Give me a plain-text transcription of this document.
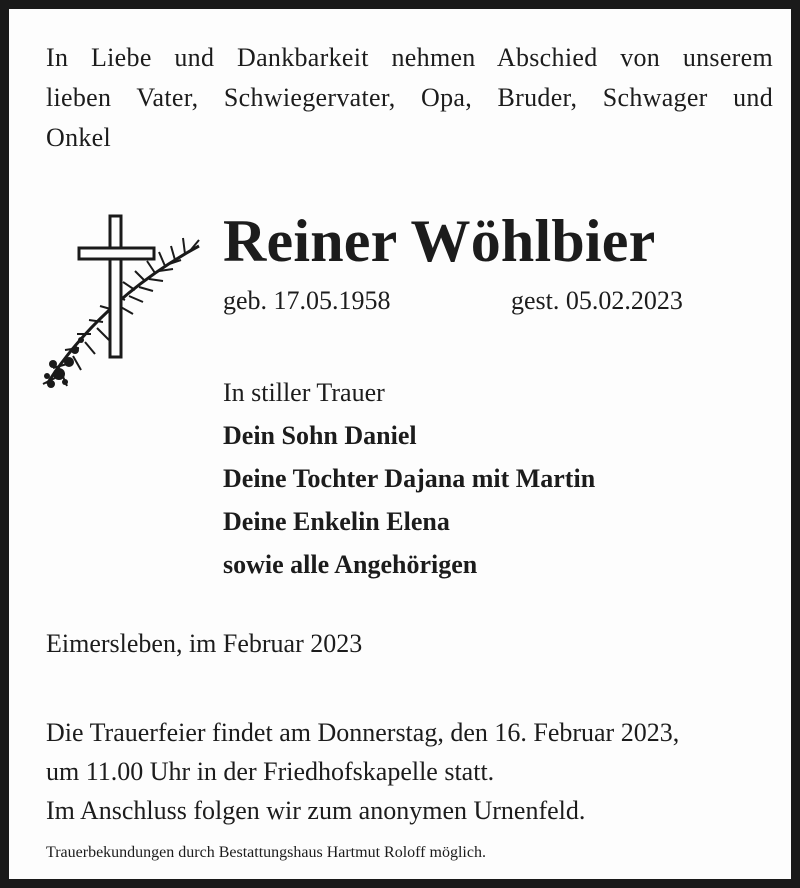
In Liebe und Dankbarkeit nehmen Abschied von unserem
lieben Vater, Schwiegervater, Opa, Bruder, Schwager und
Onkel
Reiner Wöhlbier
geb. 17.05.1958	gest. 05.02.2023
In stiller Trauer
Dein Sohn Daniel
Deine Tochter Dajana mit Martin
Deine Enkelin Elena
sowie alle Angehörigen
Eimersleben, im Februar 2023
Die Trauerfeier findet am Donnerstag, den 16. Februar 2023,
um 11.00 Uhr in der Friedhofskapelle statt.
Im Anschluss folgen wir zum anonymen Urnenfeld.
Trauerbekundungen durch Bestattungshaus Hartmut Roloff möglich.
